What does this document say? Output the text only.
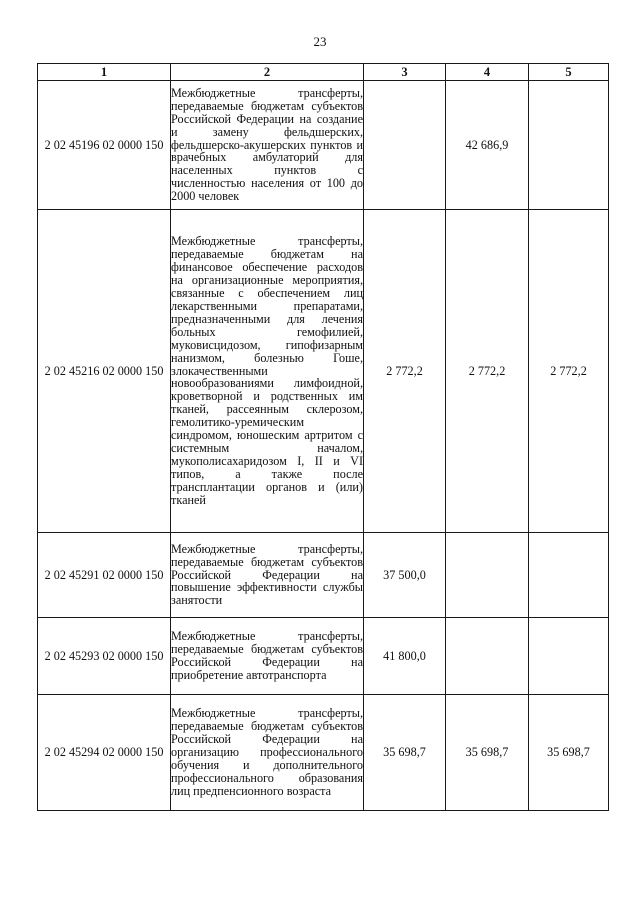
23
1	2	3	4	5
2 02 45196 02 0000 150	Межбюджетные трансферты, передаваемые бюджетам субъектов Российской Федерации на создание и замену фельдшерских, фельдшерско-акушерских пунктов и врачебных амбулаторий для населенных пунктов с численностью населения от 100 до 2000 человек		42 686,9	
2 02 45216 02 0000 150	Межбюджетные трансферты, передаваемые бюджетам на финансовое обеспечение расходов на организационные мероприятия, связанные с обеспечением лиц лекарственными препаратами, предназначенными для лечения больных гемофилией, муковисцидозом, гипофизарным нанизмом, болезнью Гоше, злокачественными новообразованиями лимфоидной, кроветворной и родственных им тканей, рассеянным склерозом, гемолитико-уремическим синдромом, юношеским артритом с системным началом, мукополисахаридозом I, II и VI типов, а также после трансплантации органов и (или) тканей	2 772,2	2 772,2	2 772,2
2 02 45291 02 0000 150	Межбюджетные трансферты, передаваемые бюджетам субъектов Российской Федерации на повышение эффективности службы занятости	37 500,0		
2 02 45293 02 0000 150	Межбюджетные трансферты, передаваемые бюджетам субъектов Российской Федерации на приобретение автотранспорта	41 800,0		
2 02 45294 02 0000 150	Межбюджетные трансферты, передаваемые бюджетам субъектов Российской Федерации на организацию профессионального обучения и дополнительного профессионального образования лиц предпенсионного возраста	35 698,7	35 698,7	35 698,7
